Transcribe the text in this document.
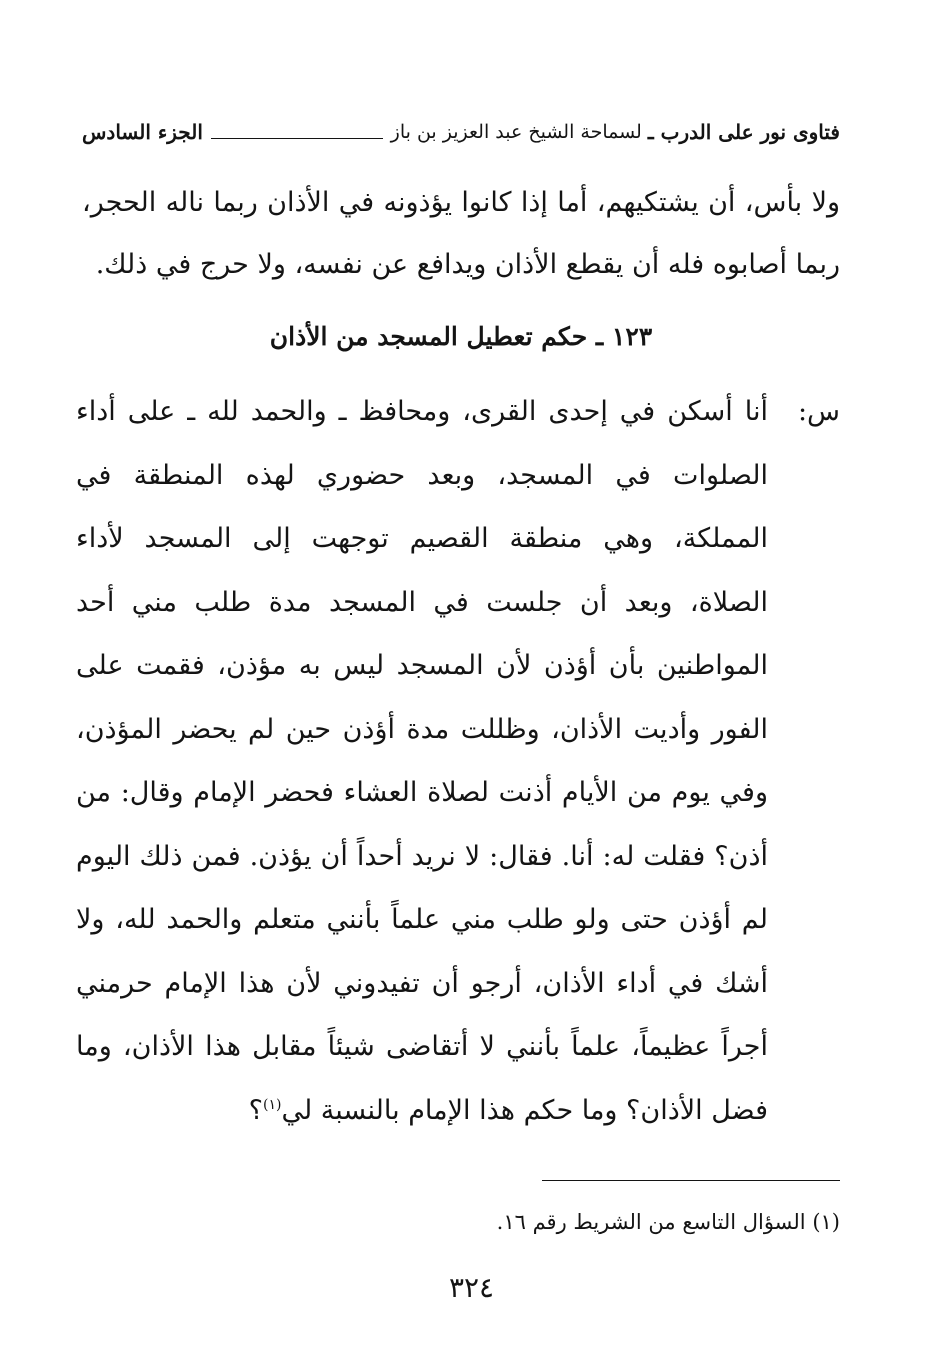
فتاوى نور على الدرب ـ
لسماحة الشيخ عبد العزيز بن باز
الجزء السادس

ولا بأس، أن يشتكيهم، أما إذا كانوا يؤذونه في الأذان ربما ناله الحجر، ربما أصابوه فله أن يقطع الأذان ويدافع عن نفسه، ولا حرج في ذلك.

١٢٣ ـ حكم تعطيل المسجد من الأذان
س:
أنا أسكن في إحدى القرى، ومحافظ ـ والحمد لله ـ على أداء الصلوات في المسجد، وبعد حضوري لهذه المنطقة في المملكة، وهي منطقة القصيم توجهت إلى المسجد لأداء الصلاة، وبعد أن جلست في المسجد مدة طلب مني أحد المواطنين بأن أؤذن لأن المسجد ليس به مؤذن، فقمت على الفور وأديت الأذان، وظللت مدة أؤذن حين لم يحضر المؤذن، وفي يوم من الأيام أذنت لصلاة العشاء فحضر الإمام وقال: من أذن؟ فقلت له: أنا. فقال: لا نريد أحداً أن يؤذن. فمن ذلك اليوم لم أؤذن حتى ولو طلب مني علماً بأنني متعلم والحمد لله، ولا أشك في أداء الأذان، أرجو أن تفيدوني لأن هذا الإمام حرمني أجراً عظيماً، علماً بأنني لا أتقاضى شيئاً مقابل هذا الأذان، وما فضل الأذان؟ وما حكم هذا الإمام بالنسبة لي$^{(١)}$؟
(١) السؤال التاسع من الشريط رقم ١٦.
٣٢٤
